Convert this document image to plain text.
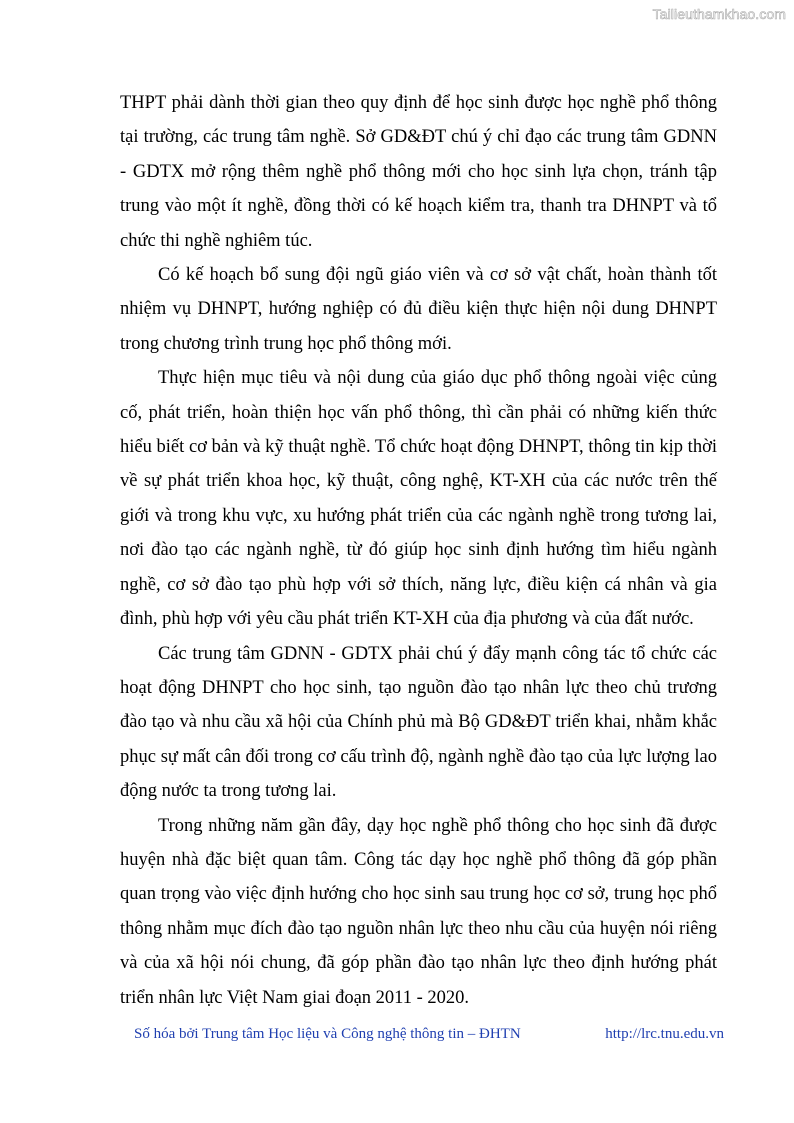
Tailieuthamkhao.com

THPT phải dành thời gian theo quy định để học sinh được học nghề phổ thông tại trường, các trung tâm nghề. Sở GD&ĐT chú ý chỉ đạo các trung tâm GDNN - GDTX mở rộng thêm nghề phổ thông mới cho học sinh lựa chọn, tránh tập trung vào một ít nghề, đồng thời có kế hoạch kiểm tra, thanh tra DHNPT và tổ chức thi nghề nghiêm túc.

Có kế hoạch bổ sung đội ngũ giáo viên và cơ sở vật chất, hoàn thành tốt nhiệm vụ DHNPT, hướng nghiệp có đủ điều kiện thực hiện nội dung DHNPT trong chương trình trung học phổ thông mới.

Thực hiện mục tiêu và nội dung của giáo dục phổ thông ngoài việc củng cố, phát triển, hoàn thiện học vấn phổ thông, thì cần phải có những kiến thức hiểu biết cơ bản và kỹ thuật nghề. Tổ chức hoạt động DHNPT, thông tin kịp thời về sự phát triển khoa học, kỹ thuật, công nghệ, KT-XH của các nước trên thế giới và trong khu vực, xu hướng phát triển của các ngành nghề trong tương lai, nơi đào tạo các ngành nghề, từ đó giúp học sinh định hướng tìm hiểu ngành nghề, cơ sở đào tạo phù hợp với sở thích, năng lực, điều kiện cá nhân và gia đình, phù hợp với yêu cầu phát triển KT-XH của địa phương và của đất nước.

Các trung tâm GDNN - GDTX phải chú ý đẩy mạnh công tác tổ chức các hoạt động DHNPT cho học sinh, tạo nguồn đào tạo nhân lực theo chủ trương đào tạo và nhu cầu xã hội của Chính phủ mà Bộ GD&ĐT triển khai, nhằm khắc phục sự mất cân đối trong cơ cấu trình độ, ngành nghề đào tạo của lực lượng lao động nước ta trong tương lai.

Trong những năm gần đây, dạy học nghề phổ thông cho học sinh đã được huyện nhà đặc biệt quan tâm. Công tác dạy học nghề phổ thông đã góp phần quan trọng vào việc định hướng cho học sinh sau trung học cơ sở, trung học phổ thông nhằm mục đích đào tạo nguồn nhân lực theo nhu cầu của huyện nói riêng và của xã hội nói chung, đã góp phần đào tạo nhân lực theo định hướng phát triển nhân lực Việt Nam giai đoạn 2011 - 2020.

Số hóa bởi Trung tâm Học liệu và Công nghệ thông tin – ĐHTN	http://lrc.tnu.edu.vn
